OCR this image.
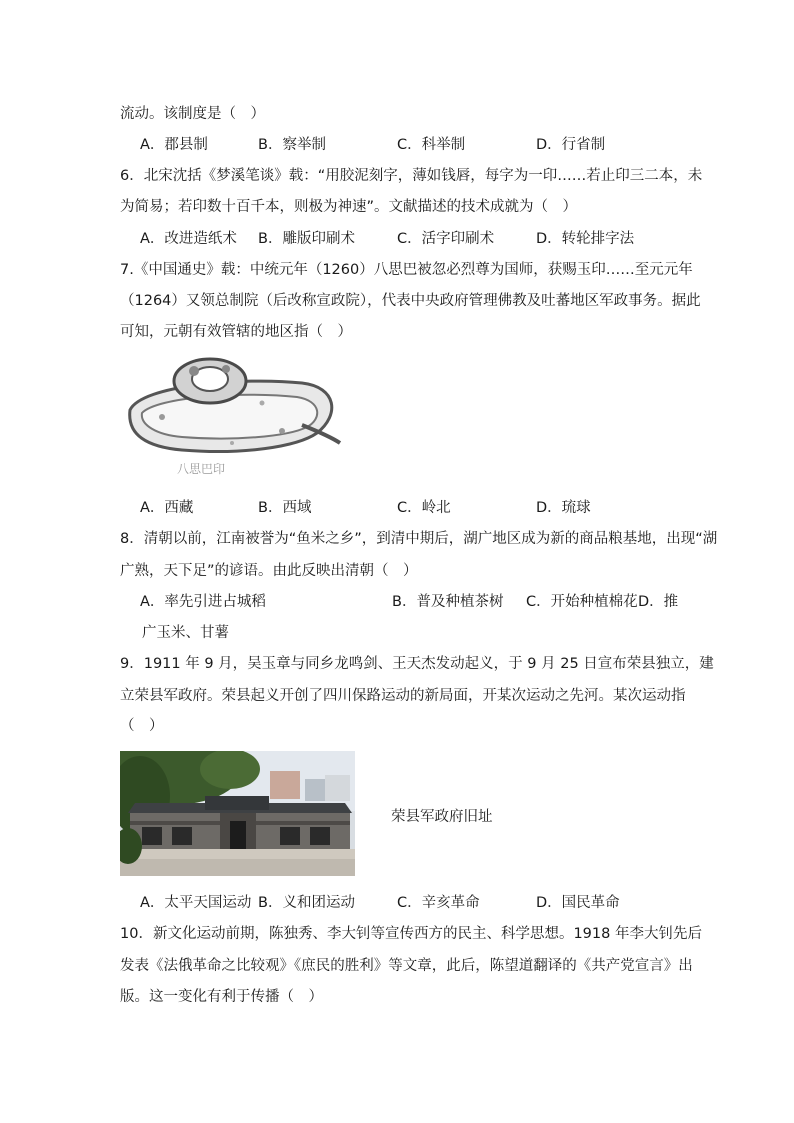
流动。该制度是（　）
A．郡县制	B．察举制	C．科举制	D．行省制
6．北宋沈括《梦溪笔谈》载：“用胶泥刻字，薄如钱唇，每字为一印……若止印三二本，未
为简易；若印数十百千本，则极为神速”。文献描述的技术成就为（　）
A．改进造纸术 B．雕版印刷术	C．活字印刷术	D．转轮排字法
7.《中国通史》载：中统元年（1260）八思巴被忽必烈尊为国师，获赐玉印……至元元年
（1264）又领总制院（后改称宣政院），代表中央政府管理佛教及吐蕃地区军政事务。据此
可知，元朝有效管辖的地区指（　）
八思巴印
A．西藏	B．西域	C．岭北	D．琉球
8．清朝以前，江南被誉为“鱼米之乡”，到清中期后，湖广地区成为新的商品粮基地，出现“湖
广熟，天下足”的谚语。由此反映出清朝（　）
A．率先引进占城稻	B．普及种植茶树 C．开始种植棉花 D．推
广玉米、甘薯
9．1911 年 9 月，吴玉章与同乡龙鸣剑、王天杰发动起义，于 9 月 25 日宣布荣县独立，建
立荣县军政府。荣县起义开创了四川保路运动的新局面，开某次运动之先河。某次运动指
（　）
荣县军政府旧址
A．太平天国运动 B．义和团运动	C．辛亥革命	D．国民革命
10．新文化运动前期，陈独秀、李大钊等宣传西方的民主、科学思想。1918 年李大钊先后
发表《法俄革命之比较观》《庶民的胜利》等文章，此后，陈望道翻译的《共产党宣言》出
版。这一变化有利于传播（　）
